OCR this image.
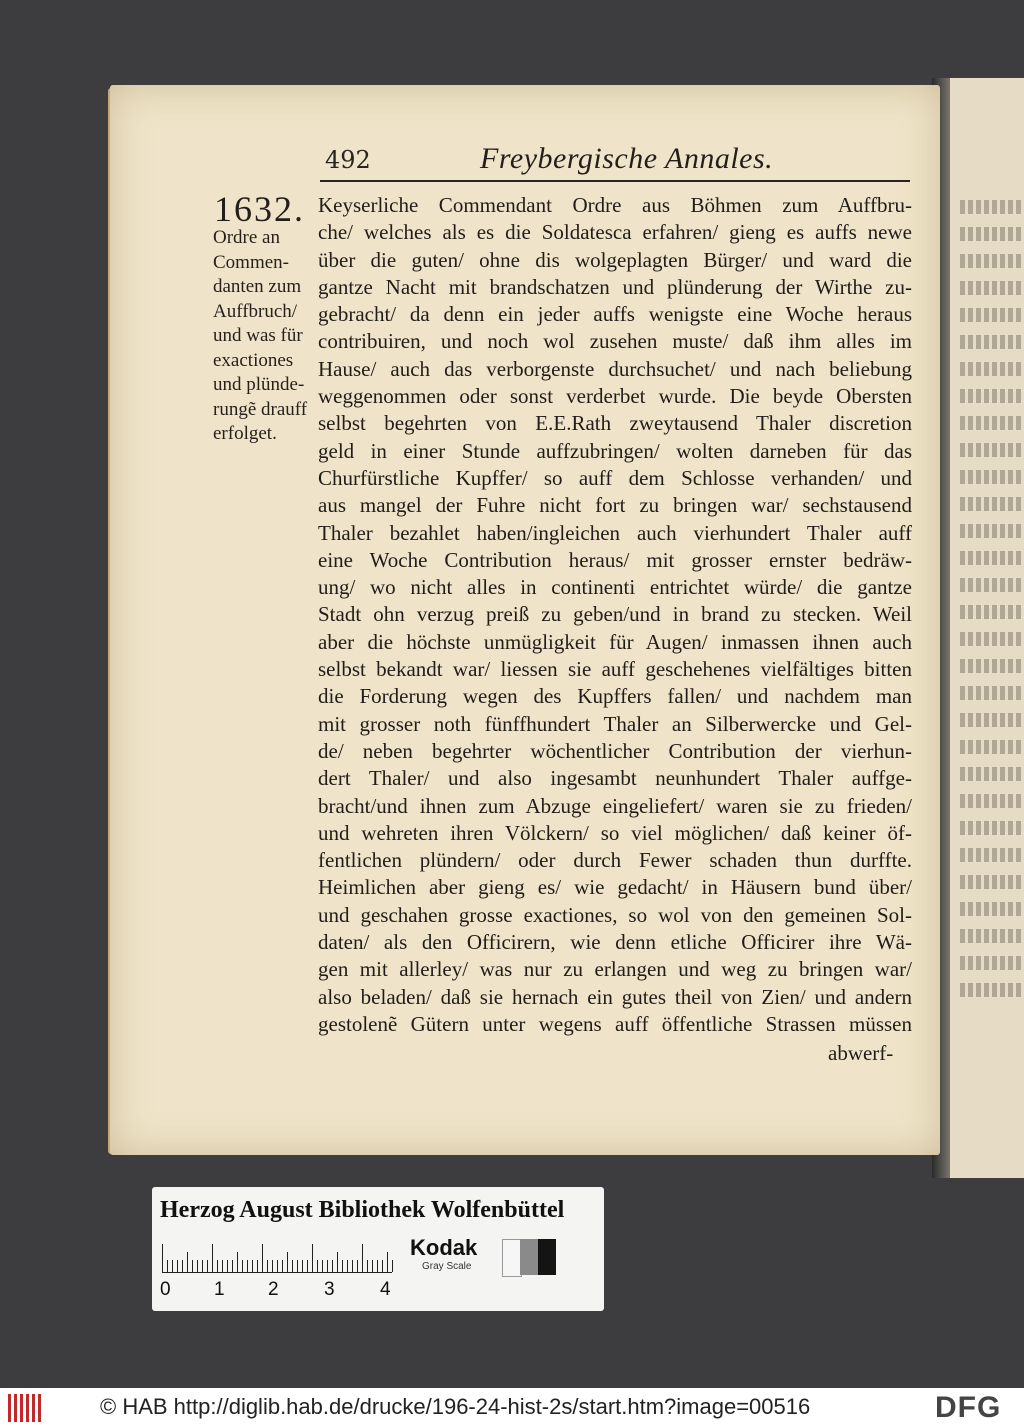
492	Freybergische Annales.
1632.
Ordre an
Commen-
danten zum
Auffbruch/
und was für
exactiones
und plünde-
rungẽ drauff
erfolget.
Keyserliche Commendant Ordre aus Böhmen zum Auffbru-
che/ welches als es die Soldatesca erfahren/ gieng es auffs newe
über die guten/ ohne dis wolgeplagten Bürger/ und ward die
gantze Nacht mit brandschatzen und plünderung der Wirthe zu-
gebracht/ da denn ein jeder auffs wenigste eine Woche heraus
contribuiren, und noch wol zusehen muste/ daß ihm alles im
Hause/ auch das verborgenste durchsuchet/ und nach beliebung
weggenommen oder sonst verderbet wurde. Die beyde Obersten
selbst begehrten von E.E.Rath zweytausend Thaler discretion
geld in einer Stunde auffzubringen/ wolten darneben für das
Churfürstliche Kupffer/ so auff dem Schlosse verhanden/ und
aus mangel der Fuhre nicht fort zu bringen war/ sechstausend
Thaler bezahlet haben/ingleichen auch vierhundert Thaler auff
eine Woche Contribution heraus/ mit grosser ernster bedräw-
ung/ wo nicht alles in continenti entrichtet würde/ die gantze
Stadt ohn verzug preiß zu geben/und in brand zu stecken. Weil
aber die höchste unmügligkeit für Augen/ inmassen ihnen auch
selbst bekandt war/ liessen sie auff geschehenes vielfältiges bitten
die Forderung wegen des Kupffers fallen/ und nachdem man
mit grosser noth fünffhundert Thaler an Silberwercke und Gel-
de/ neben begehrter wöchentlicher Contribution der vierhun-
dert Thaler/ und also ingesambt neunhundert Thaler auffge-
bracht/und ihnen zum Abzuge eingeliefert/ waren sie zu frieden/
und wehreten ihren Völckern/ so viel möglichen/ daß keiner öf-
fentlichen plündern/ oder durch Fewer schaden thun durffte.
Heimlichen aber gieng es/ wie gedacht/ in Häusern bund über/
und geschahen grosse exactiones, so wol von den gemeinen Sol-
daten/ als den Officirern, wie denn etliche Officirer ihre Wä-
gen mit allerley/ was nur zu erlangen und weg zu bringen war/
also beladen/ daß sie hernach ein gutes theil von Zien/ und andern
gestolenẽ Gütern unter wegens auff öffentliche Strassen müssen
abwerf-
Herzog August Bibliothek Wolfenbüttel
0 1 2 3 4
Kodak
Gray Scale
© HAB http://diglib.hab.de/drucke/196-24-hist-2s/start.htm?image=00516	DFG
